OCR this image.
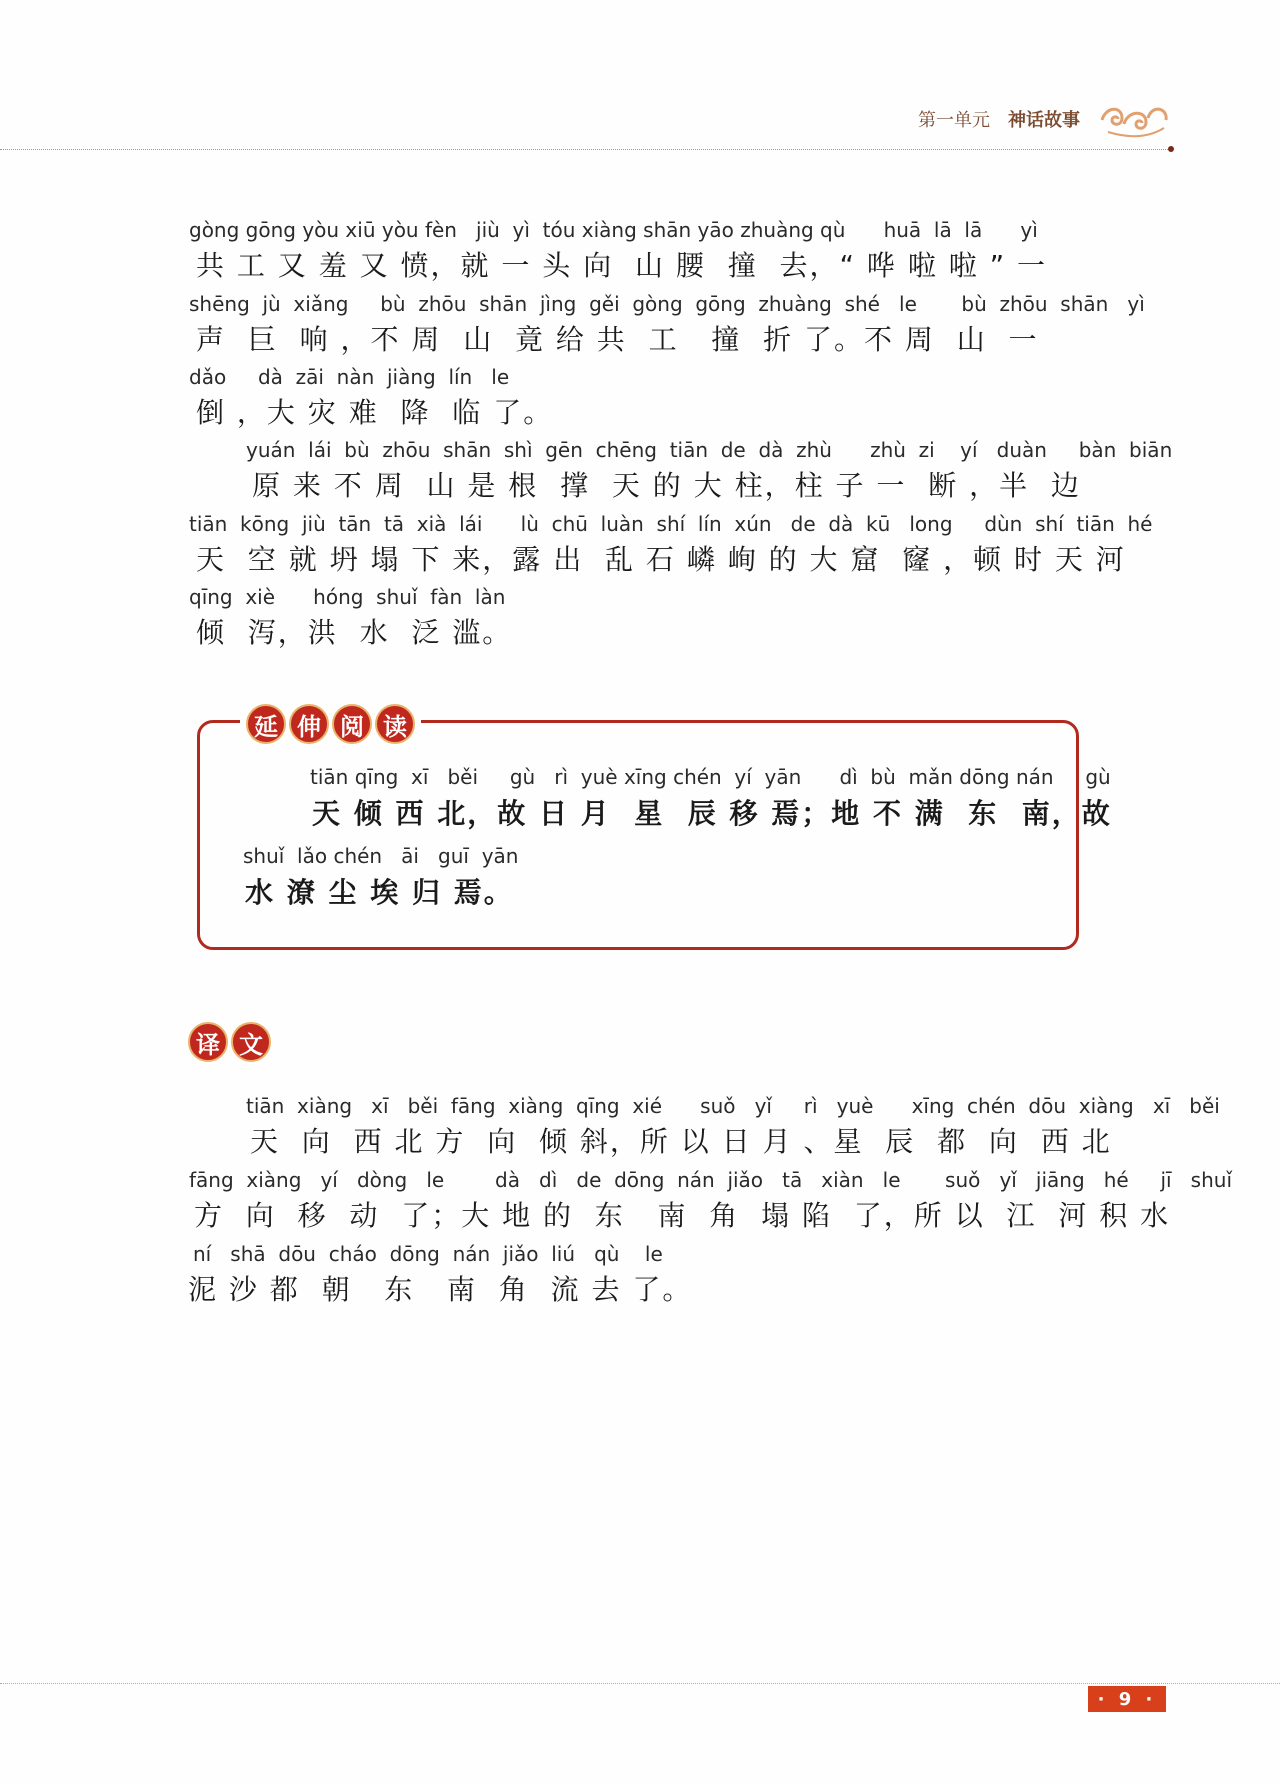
第一单元 神话故事
gòng gōng yòu xiū yòu fèn   jiù  yì  tóu xiàng shān yāo zhuàng qù      huā  lā  lā      yì
共 工 又 羞 又 愤，就 一 头 向  山 腰  撞  去，“ 哗 啦 啦 ” 一
shēng  jù  xiǎng     bù  zhōu  shān  jìng  gěi  gòng  gōng  zhuàng  shé   le       bù  zhōu  shān   yì
声  巨  响 ，不 周  山  竟 给 共  工   撞  折 了。不 周  山  一
dǎo     dà  zāi  nàn  jiàng  lín   le
倒 ，大 灾 难  降  临 了。
yuán  lái  bù  zhōu  shān  shì  gēn  chēng  tiān  de  dà  zhù      zhù  zi    yí   duàn     bàn  biān
原 来 不 周  山 是 根  撑  天 的 大 柱，柱 子 一  断 ，半  边
tiān  kōng  jiù  tān  tā  xià  lái      lù  chū  luàn  shí  lín  xún   de  dà  kū   long     dùn  shí  tiān  hé
天  空 就 坍 塌 下 来，露 出  乱 石 嶙 峋 的 大 窟  窿 ，顿 时 天 河
qīng  xiè      hóng  shuǐ  fàn  làn
倾  泻，洪  水  泛 滥。
延 伸 阅 读
tiān qīng  xī   běi     gù   rì  yuè xīng chén  yí  yān      dì  bù  mǎn dōng nán     gù
天 倾 西 北，故 日 月  星  辰 移 焉；地 不 满  东  南，故
shuǐ  lǎo chén   āi   guī  yān
水 潦 尘 埃 归 焉。
译 文
tiān  xiàng   xī   běi  fāng  xiàng  qīng  xié      suǒ   yǐ     rì   yuè      xīng  chén  dōu  xiàng   xī   běi
天  向  西 北 方  向  倾 斜，所 以 日 月 、星  辰  都  向  西 北
fāng  xiàng   yí   dòng   le        dà   dì   de  dōng  nán  jiǎo   tā   xiàn   le       suǒ   yǐ   jiāng   hé     jī   shuǐ
方  向  移  动  了；大 地 的  东   南  角  塌 陷  了，所 以  江  河 积 水
ní   shā  dōu  cháo  dōng  nán  jiǎo  liú   qù    le
泥 沙 都  朝   东   南  角  流 去 了。
· 9 ·
